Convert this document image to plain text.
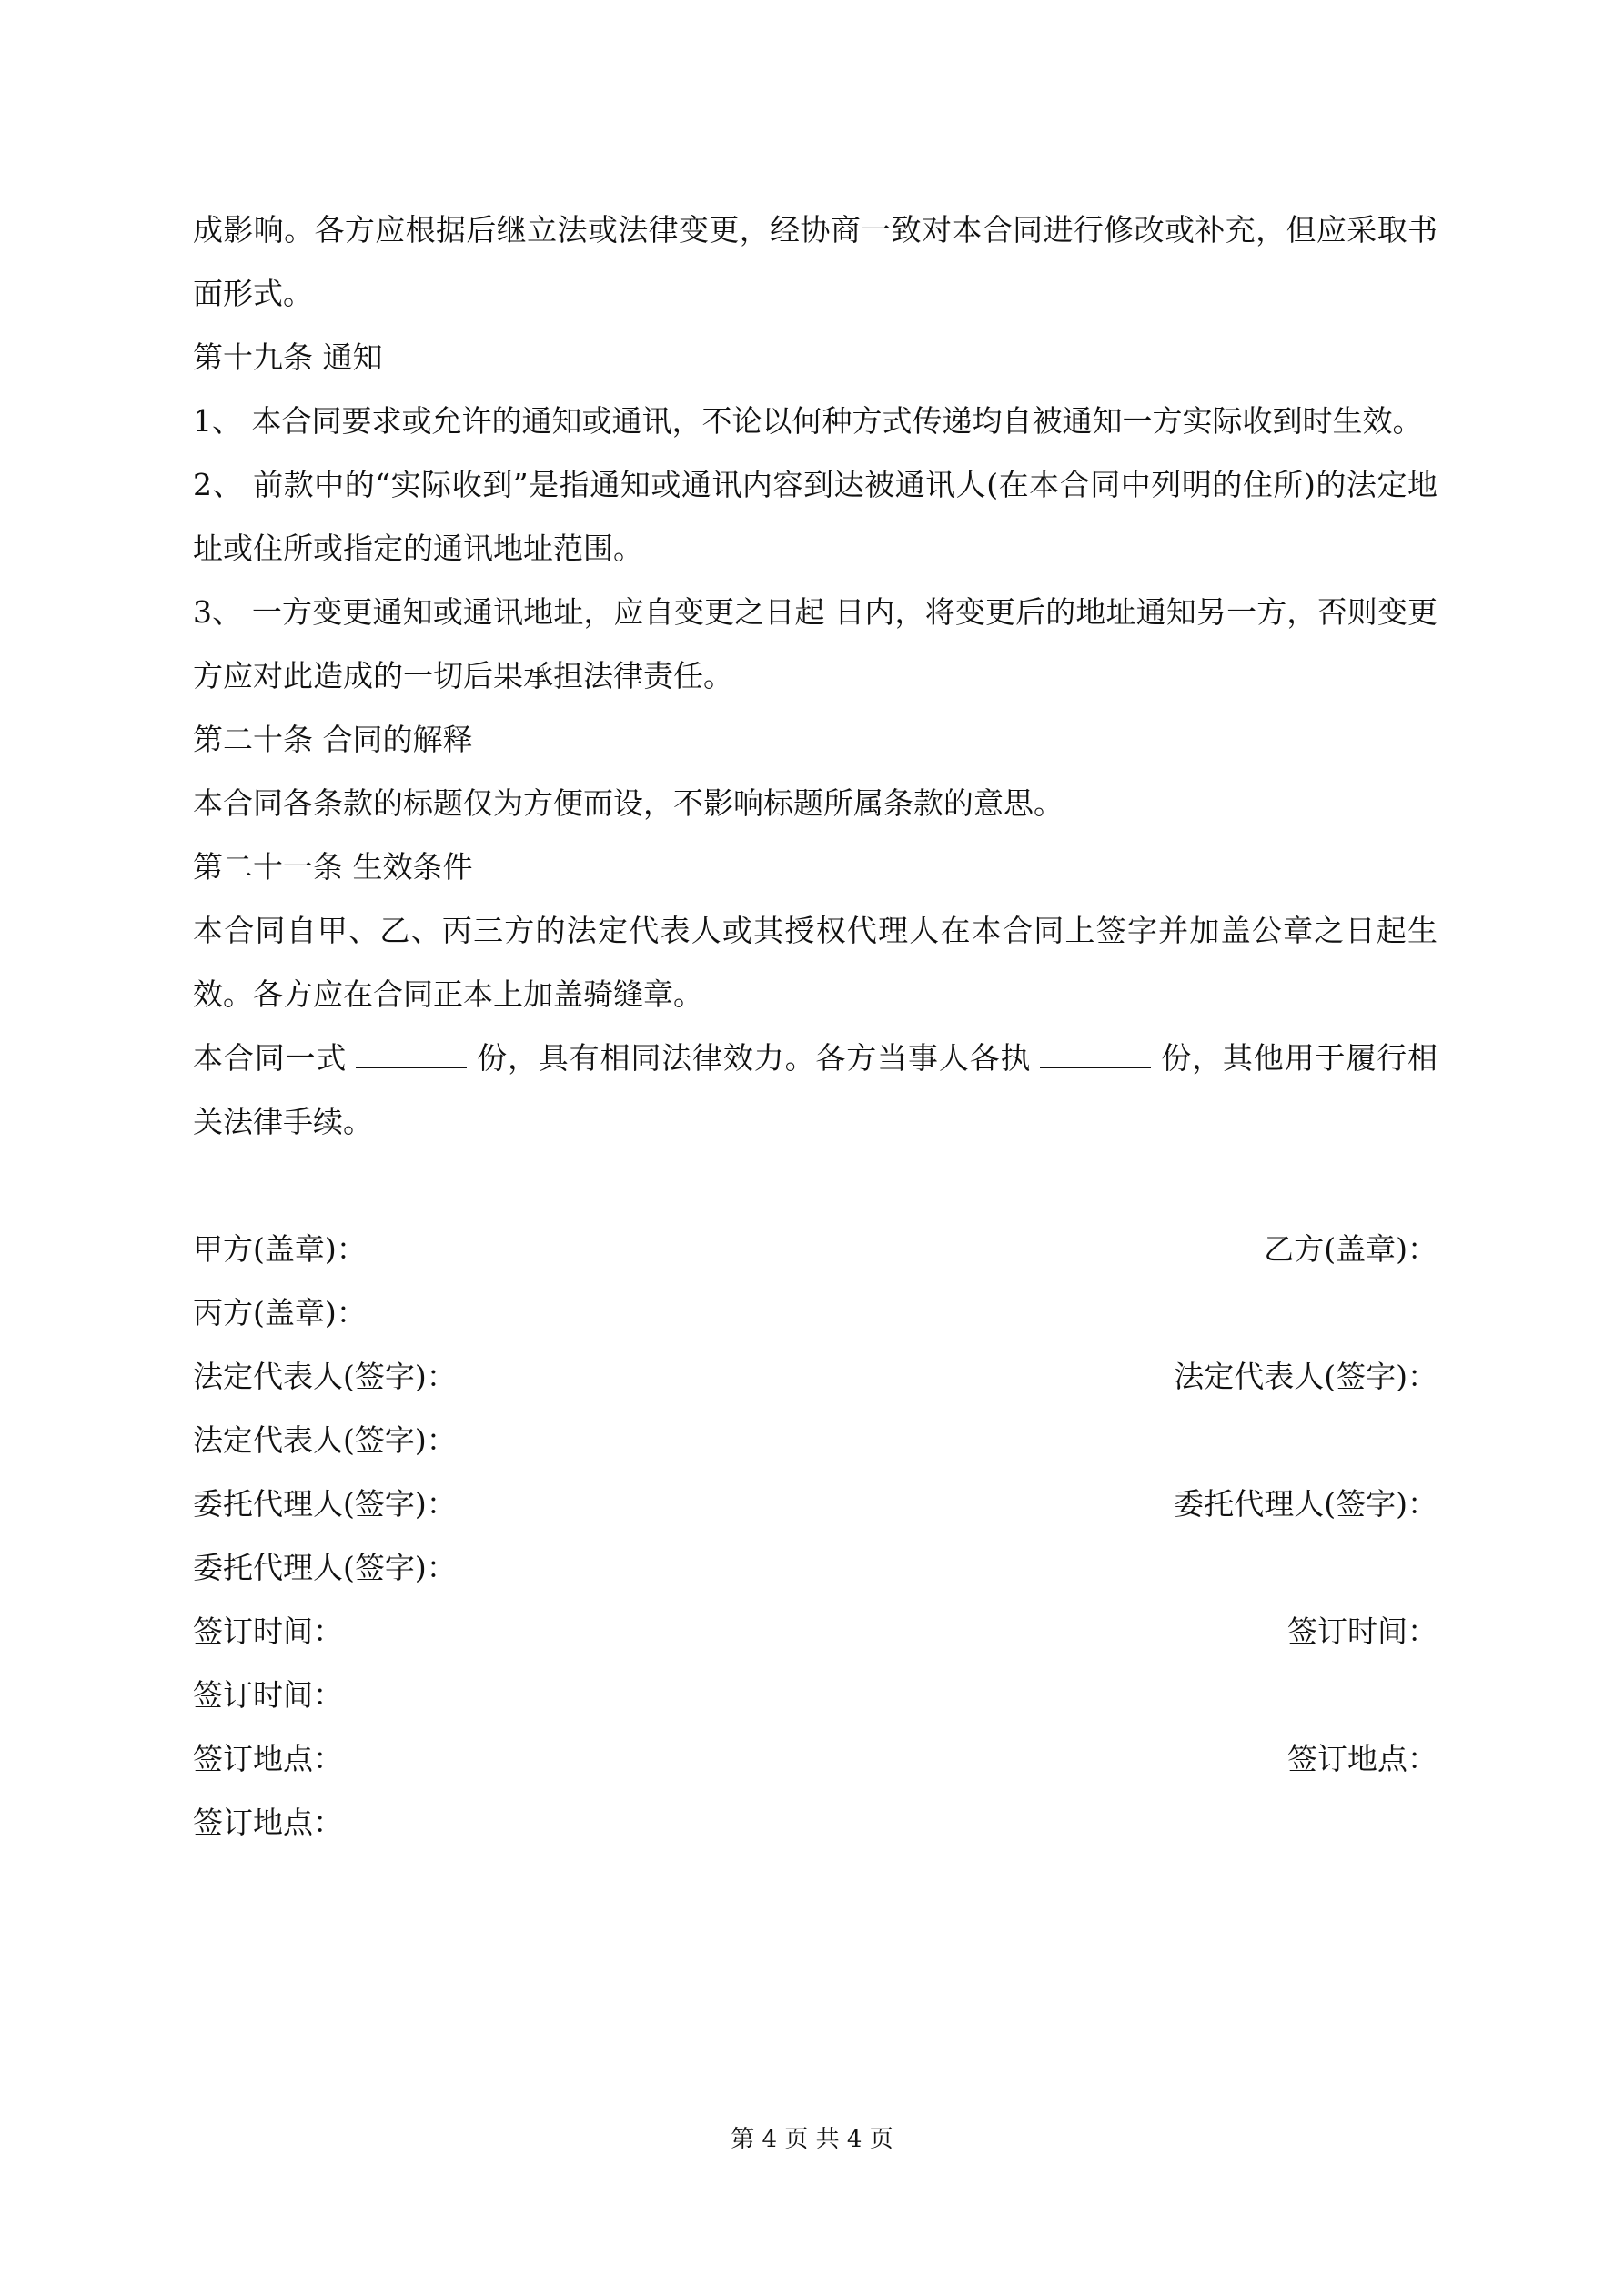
成影响。各方应根据后继立法或法律变更，经协商一致对本合同进行修改或补充，但应采取书面形式。

第十九条 通知

1、 本合同要求或允许的通知或通讯，不论以何种方式传递均自被通知一方实际收到时生效。

2、 前款中的“实际收到”是指通知或通讯内容到达被通讯人(在本合同中列明的住所)的法定地址或住所或指定的通讯地址范围。

3、 一方变更通知或通讯地址，应自变更之日起 日内，将变更后的地址通知另一方，否则变更方应对此造成的一切后果承担法律责任。

第二十条 合同的解释

本合同各条款的标题仅为方便而设，不影响标题所属条款的意思。

第二十一条 生效条件

本合同自甲、乙、丙三方的法定代表人或其授权代理人在本合同上签字并加盖公章之日起生效。各方应在合同正本上加盖骑缝章。

本合同一式	份，具有相同法律效力。各方当事人各执	份，其他用于履行相关法律手续。

甲方(盖章)：	乙方(盖章)：
丙方(盖章)：
法定代表人(签字)：	法定代表人(签字)：
法定代表人(签字)：
委托代理人(签字)：	委托代理人(签字)：
委托代理人(签字)：
签订时间：	签订时间：
签订时间：
签订地点：	签订地点：
签订地点：
第 4 页 共 4 页
